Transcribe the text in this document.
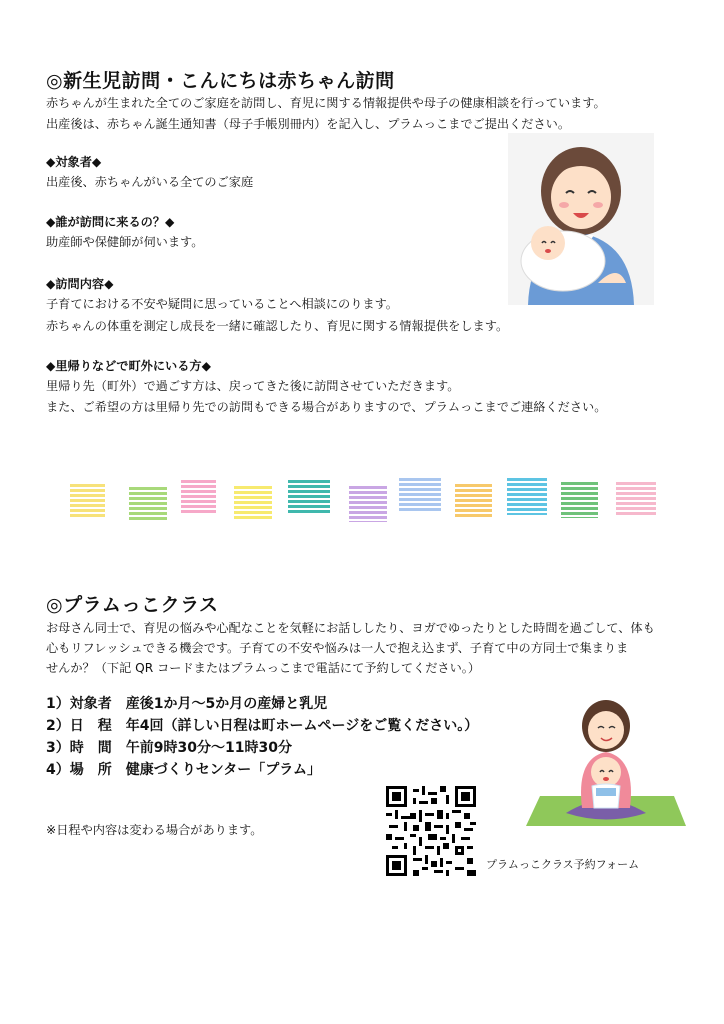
◎新生児訪問・こんにちは赤ちゃん訪問
赤ちゃんが生まれた全てのご家庭を訪問し、育児に関する情報提供や母子の健康相談を行っています。
出産後は、赤ちゃん誕生通知書（母子手帳別冊内）を記入し、プラムっこまでご提出ください。
◆対象者◆
出産後、赤ちゃんがいる全てのご家庭
◆誰が訪問に来るの？◆
助産師や保健師が伺います。
◆訪問内容◆
子育てにおける不安や疑問に思っていることへ相談にのります。
赤ちゃんの体重を測定し成長を一緒に確認したり、育児に関する情報提供をします。
◆里帰りなどで町外にいる方◆
里帰り先（町外）で過ごす方は、戻ってきた後に訪問させていただきます。
また、ご希望の方は里帰り先での訪問もできる場合がありますので、プラムっこまでご連絡ください。
◎プラムっこクラス
お母さん同士で、育児の悩みや心配なことを気軽にお話ししたり、ヨガでゆったりとした時間を過ごして、体も
心もリフレッシュできる機会です。子育ての不安や悩みは一人で抱え込まず、子育て中の方同士で集まりま
せんか？（下記 QR コードまたはプラムっこまで電話にて予約してください。）
1）対象者　 産後1か月～5か月の産婦と乳児
2）日　程　 年4回（詳しい日程は町ホームページをご覧ください。）
3）時　間　 午前9時30分～11時30分
4）場　所　 健康づくりセンター「プラム」
※日程や内容は変わる場合があります。
プラムっこクラス予約フォーム
